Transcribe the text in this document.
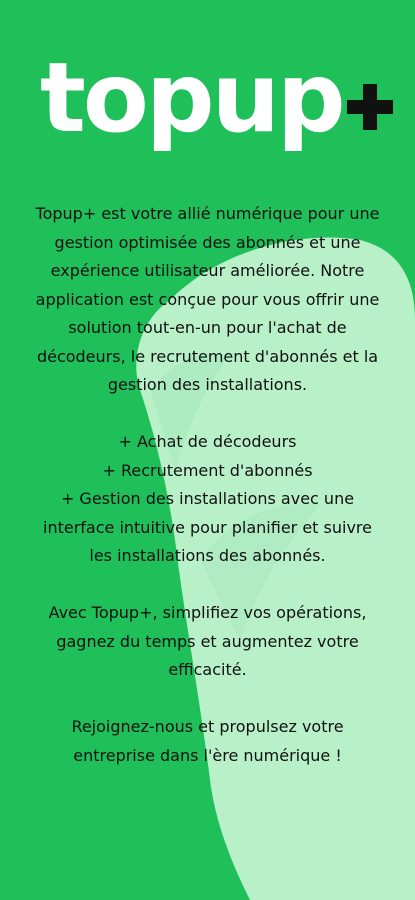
topup

Topup+ est votre allié numérique pour une gestion optimisée des abonnés et une expérience utilisateur améliorée. Notre application est conçue pour vous offrir une solution tout-en-un pour l'achat de décodeurs, le recrutement d'abonnés et la gestion des installations.

+ Achat de décodeurs

+ Recrutement d'abonnés

+ Gestion des installations avec une interface intuitive pour planifier et suivre les installations des abonnés.

Avec Topup+, simplifiez vos opérations, gagnez du temps et augmentez votre efficacité.

Rejoignez-nous et propulsez votre entreprise dans l'ère numérique !
